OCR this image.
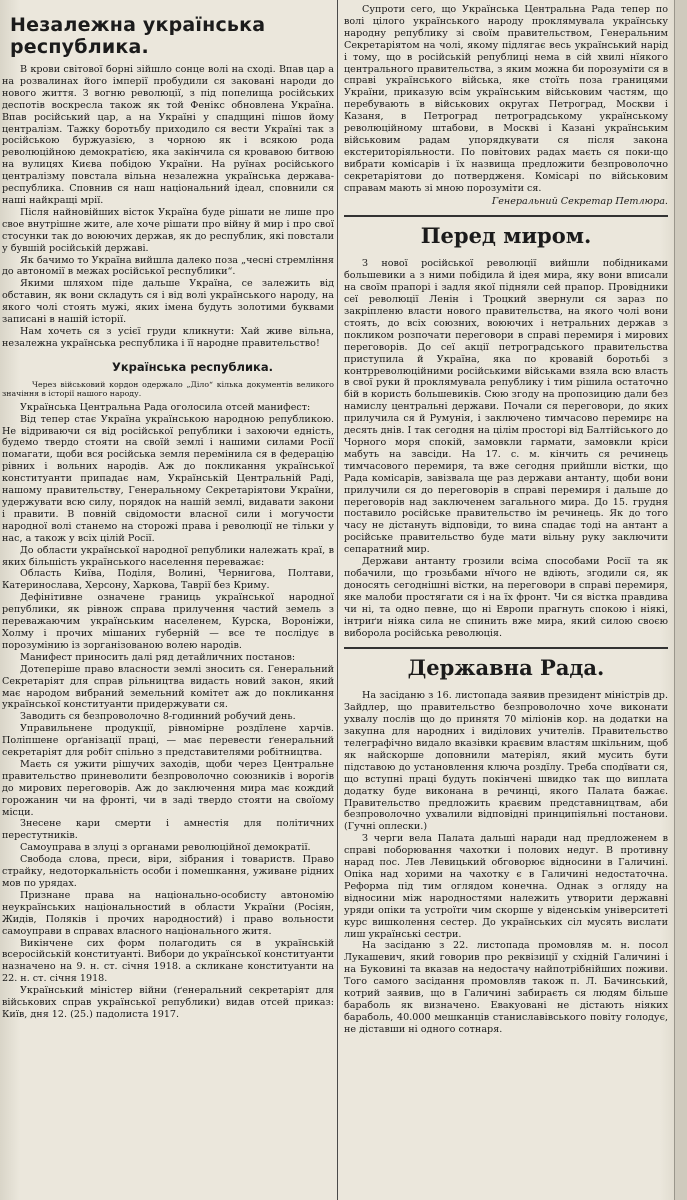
Незалежна українська республика.

В крови світової борні зійшло сонце волі на сході. Впав цар а на розвалинах його імперії пробудили ся заковані народи до нового життя. З вогню революції, з під попелища російських деспотів воскресла також як той Фенікс обновлена Україна. Впав російський цар, а на Україні у спадщині пішов йому централізм. Тажку боротьбу приходило ся вести Україні так з російською буржуазією, з чорною як і всякою рода революційною демократією, яка закінчила ся кровавою битвою на вулицях Києва побідою України. На руїнах російського централізму повстала вільна незалежна українська держава-республика. Сповнив ся наш національний ідеал, сповнили ся наші найкращі мрії.

Після найновійших вісток Україна буде рішати не лише про свое внутрішне жите, але хоче рішати про війну й мир і про свої стосунки так до воюючих держав, як до республик, які повстали у бувшій російській державі.

Як бачимо то Україна вийшла далеко поза „чесні стремління до автономії в межах російської республики“.

Якими шляхом піде дальше Україна, се залежить від обставин, як вони складуть ся і від волі українського народу, на якого чолі стоять мужі, яких імена будуть золотими буквами записані в нашій історії.

Нам хочеть ся з усієї груди кликнути: Хай живе вільна, незалежна українська республика і її народне правительство!

Українська республика.

Через військовий кордон одержало „Діло“ кілька документів великого значіння в історії нашого народу.

Українська Центральна Рада оголосила отсей манифест:

Від тепер стає Україна українською народною републикою. Не відриваючи ся від російської републики і захоючи едність, будемо твердо стояти на своїй землі і нашими силами Росії помагати, щоби вся російська земля перемінила ся в федерацію рівних і вольних народів. Аж до покликання української конституанти припадає нам, Українській Центральній Раді, нашому правительству, Генеральному Секретаріятови України, удержувати всю силу, порядок на нашій землі, видавати закони і правити. В повній свідомости власної сили і могучости народної волі станемо на сторожі права і революції не тільки у нас, а також у всіх цілій Росії.

До области української народної републики належать краї, в яких більшість українського населення переважає:

Область Київа, Поділя, Волині, Чернигова, Полтави, Катеринослава, Херсону, Харкова, Таврії без Криму.

Дефінітивне означене границь української народної републики, як рівнож справа прилучення частий земель з переважаючим українським населенем, Курска, Вороніжи, Холму і прочих мішаних губерній — все те послідує в порозумінию із зорганізованою волею народів.

Манифест приносить далі ряд детайличних постанов:

Дотеперіше право власности землі зносить ся. Генеральний Секретаріят для справ рільництва видасть новий закон, який має народом вибраний земельний комітет аж до покликання української конституанти придержувати ся.

Заводить ся безпроволочно 8-годинний робучий день.

Управильнене продукції, рівномірне роздїлене харчів. Поліпшене орґанізації праці, — має перевести ґенеральний секретаріят для робіт спільно з представителями робітництва.

Маєть ся ужити рішучих заходів, щоби через Центральне правительство приневолити безпроволочно союзників і ворогів до мирових переговорів. Аж до заключення мира має кождий горожанин чи на фронті, чи в заді твердо стояти на своїому місци.

Знесене кари смерти і амнестія для політичних перестутників.

Самоуправа в злуці з органами революційної демократії.

Свобода слова, преси, віри, зібрания і товариств. Право страйку, недоторкальність особи і помешкання, уживане рідних мов по урядах.

Признане права на національно-особисту автономію неукраїнських національностий в области України (Росіян, Жидів, Поляків і прочих народностий) і право вольности самоуправи в справах власного національного житя.

Викінчене сих форм полагодить ся в українській всеросійській конституанті. Вибори до української конституанти назначено на 9. н. ст. січня 1918. а скликане конституанти на 22. н. ст. січня 1918.

Український міністер війни (ґенеральний секретаріят для військових справ української републики) видав отсей приказ: Київ, дня 12. (25.) падолиста 1917.

Супроти сего, що Українська Центральна Рада тепер по волі цілого українського народу проклямувала українську народну републику зі своїм правительством, Генеральним Секретаріятом на чолі, якому підлягає весь український нарід і тому, що в російській републиці нема в сій хвилі нїякого центрального правительства, з яким можна би порозуміти ся в справі українського війська, яке стоїть поза границями України, приказую всім українським військовим частям, що перебувають в військових округах Петроград, Москви і Казаня, в Петроград петроградському українському революційному штабови, в Москві і Казані українським військовим радам упорядкувати ся після закона екстериторіяльности. По повітових радах маєть ся поки-що вибрати комісарів і їх назвища предложити безпроволочно секретаріятови до потвердженя. Комісарі по військовим справам мають зі мною порозуміти ся.

Генеральний Секретар Петлюра.

Перед миром.

З нової російської революції вийшли побідниками большевики а з ними побідила й ідея мира, яку вони вписали на своїм прапорі і задля якої підняли сей прапор. Провідники сеї революції Ленін і Троцкий звернули ся зараз по закріпленю власти нового правительства, на якого чолі вони стоять, до всіх союзних, воюючих і нетральних держав з покликом розпочати переговори в справі перемиря і мирових переговорів. До сеї акції петроградського правительства приступила й Україна, яка по кровавій боротьбі з контрреволюційними російськими військами взяла всю власть в свої руки й проклямувала републику і тим рішила остаточно бій в користь большевиків. Сюю згоду на пропозицию дали без намислу центральні держави. Почали ся переговори, до яких прилучила ся й Румунія, і заключено тимчасово перемирє на десять днів. І так сегодня на цілім просторі від Балтійського до Чорного моря спокій, замовкли гармати, замовкли кріси мабуть на завсіди. На 17. с. м. кінчить ся речинець тимчасового перемиря, та вже сегодня прийшли вістки, що Рада комісарів, завізвала ще раз держави антанту, щоби вони прилучили ся до переговорів в справі перемиря і дальше до переговорів над заключенем загального мира. До 15. грудня поставило російське правительство ім речинець. Як до того часу не дістануть відповіди, то вина спадає тоді на антант а російське правительство буде мати вільну руку заключити сепаратний мир.

Держави антанту грозили всіма способами Росії та як побачили, що грозьбами нїчого не вдіють, згодили ся, як доносять сегоднішні вістки, на переговори в справі перемиря, яке малоби простягати ся і на їх фронт. Чи ся вістка правдива чи ні, та одно певне, що ні Европи прагнуть спокою і ніякі, інтриґи ніяка сила не спинить вже мира, який силою своєю виборола російська революція.

Державна Рада.

На засіданю з 16. листопада заявив президент міністрів др. Зайдлер, що правительство безпроволочно хоче виконати ухвалу послів що до принятя 70 міліонів кор. на додатки на закупна для народних і виділових учителів. Правительство телеграфічно видало вказівки краєвим властям шкільним, щоб як найскорше доповнили матеріял, який мусить бути підставою до установлення ключа роздїлу. Треба сподївати ся, що вступні праці будуть покінчені швидко так що виплата додатку буде виконана в речинці, якого Палата бажає. Правительство предложить краєвим представництвам, аби безпроволочно ухвалили відповідні принципіяльні постанови. (Гучні оплески.)

З черги вела Палата дальші наради над предложенем в справі поборювання чахотки і полових недуг. В противну нарад пос. Лев Левицький обговорює відносини в Галичині. Опіка над хорими на чахотку є в Галичині недостаточна. Реформа під тим оглядом конечна. Однак з огляду на відносини між народностями належить утворити державні уряди опіки та устроїти чим скорше у віденськім університеті курс вишколення сестер. До українських сіл мусять вислати лиш українські сестри.

На засіданю з 22. листопада промовляв м. н. посол Лукашевич, який говорив про реквізиції у східній Галичині і на Буковині та вказав на недостачу найпотрібнійших поживи. Того самого засідання промовляв також п. Л. Бачинський, котрий заявив, що в Галичині забираєть ся людям більше бараболь як визначено. Евакуовані не дістають ніяких бараболь, 40.000 мешканців станиславівського повіту голодує, не діставши ні одного сотнаря.
